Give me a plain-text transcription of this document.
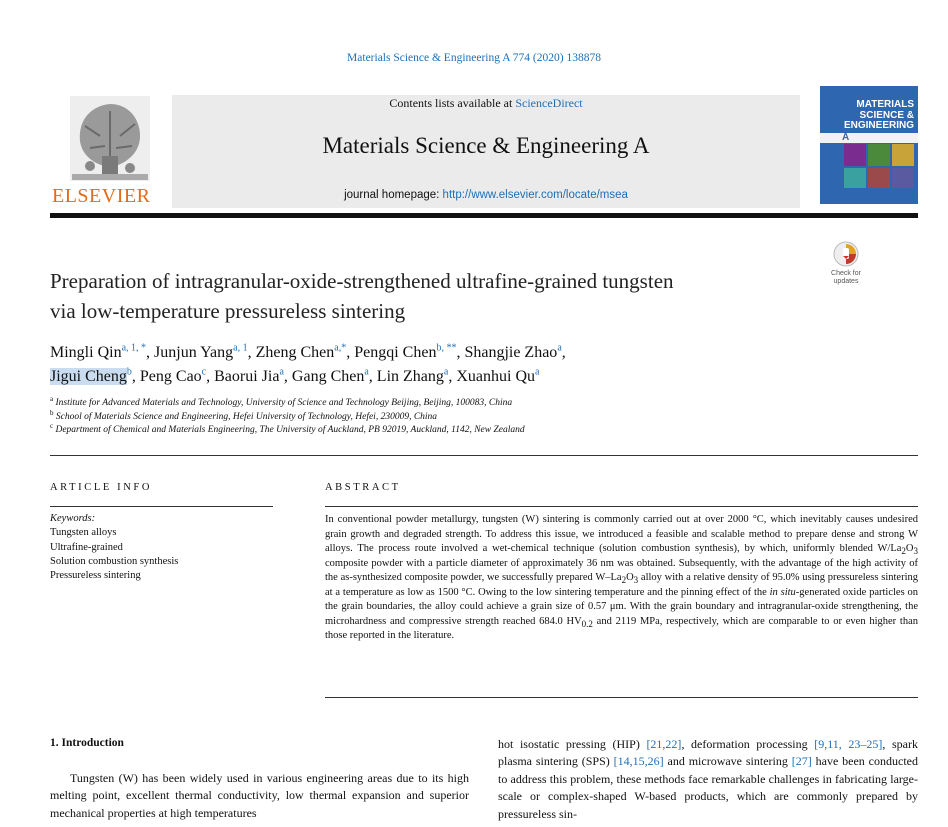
Materials Science & Engineering A 774 (2020) 138878
ELSEVIER
Contents lists available at ScienceDirect
Materials Science & Engineering A
journal homepage: http://www.elsevier.com/locate/msea
MATERIALS
SCIENCE &
ENGINEERING
A
Check for updates
Preparation of intragranular-oxide-strengthened ultrafine-grained tungsten
via low-temperature pressureless sintering
Mingli Qin$^{a, 1, *}$, Junjun Yang$^{a, 1}$, Zheng Chen$^{a,*}$, Pengqi Chen$^{b, **}$, Shangjie Zhao$^a$,
Jigui Cheng$^b$, Peng Cao$^c$, Baorui Jia$^a$, Gang Chen$^a$, Lin Zhang$^a$, Xuanhui Qu$^a$
$^a$ Institute for Advanced Materials and Technology, University of Science and Technology Beijing, Beijing, 100083, China
$^b$ School of Materials Science and Engineering, Hefei University of Technology, Hefei, 230009, China
$^c$ Department of Chemical and Materials Engineering, The University of Auckland, PB 92019, Auckland, 1142, New Zealand
ARTICLE INFO
Keywords:
Tungsten alloys
Ultrafine-grained
Solution combustion synthesis
Pressureless sintering
ABSTRACT
In conventional powder metallurgy, tungsten (W) sintering is commonly carried out at over 2000 °C, which inevitably causes undesired grain growth and degraded strength. To address this issue, we introduced a feasible and scalable method to prepare dense and strong W alloys. The process route involved a wet-chemical technique (solution combustion synthesis), by which, uniformly blended $W/La_2O_3$ composite powder with a particle diameter of approximately 36 nm was obtained. Subsequently, with the advantage of the high activity of the as-synthesized composite powder, we successfully prepared $W-La_2O_3$ alloy with a relative density of 95.0% using pressureless sintering at a temperature as low as 1500 °C. Owing to the low sintering temperature and the pinning effect of the in situ-generated oxide particles on the grain boundaries, the alloy could achieve a grain size of 0.57 μm. With the grain boundary and intragranular-oxide strengthening, the microhardness and compressive strength reached 684.0 $HV_{0.2}$ and 2119 MPa, respectively, which are comparable to or even higher than those reported in the literature.
1. Introduction
Tungsten (W) has been widely used in various engineering areas due to its high melting point, excellent thermal conductivity, low thermal expansion and superior mechanical properties at high temperatures
hot isostatic pressing (HIP) [21,22], deformation processing [9,11, 23–25], spark plasma sintering (SPS) [14,15,26] and microwave sintering [27] have been conducted to address this problem, these methods face remarkable challenges in fabricating large-scale or complex-shaped W-based products, which are commonly prepared by pressureless sin-
